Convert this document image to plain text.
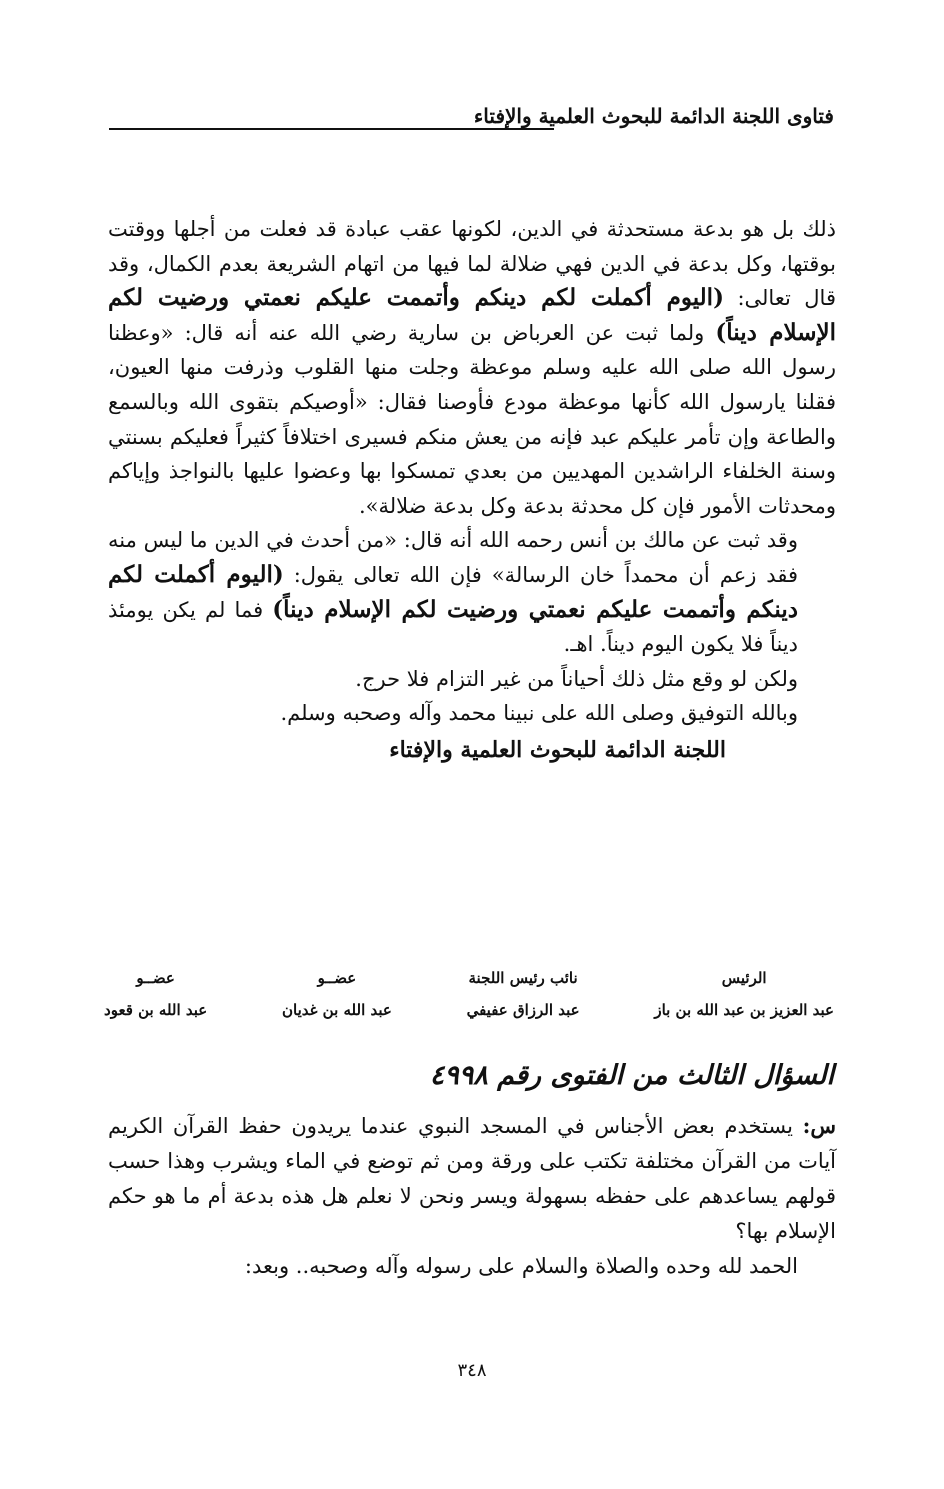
فتاوى اللجنة الدائمة للبحوث العلمية والإفتاء

ذلك بل هو بدعة مستحدثة في الدين، لكونها عقب عبادة قد فعلت من أجلها ووقتت بوقتها، وكل بدعة في الدين فهي ضلالة لما فيها من اتهام الشريعة بعدم الكمال، وقد قال تعالى: (اليوم أكملت لكم دينكم وأتممت عليكم نعمتي ورضيت لكم الإسلام ديناً) ولما ثبت عن العرباض بن سارية رضي الله عنه أنه قال: «وعظنا رسول الله صلى الله عليه وسلم موعظة وجلت منها القلوب وذرفت منها العيون، فقلنا يارسول الله كأنها موعظة مودع فأوصنا فقال: «أوصيكم بتقوى الله وبالسمع والطاعة وإن تأمر عليكم عبد فإنه من يعش منكم فسيرى اختلافاً كثيراً فعليكم بسنتي وسنة الخلفاء الراشدين المهديين من بعدي تمسكوا بها وعضوا عليها بالنواجذ وإياكم ومحدثات الأمور فإن كل محدثة بدعة وكل بدعة ضلالة».

وقد ثبت عن مالك بن أنس رحمه الله أنه قال: «من أحدث في الدين ما ليس منه فقد زعم أن محمداً خان الرسالة» فإن الله تعالى يقول: (اليوم أكملت لكم دينكم وأتممت عليكم نعمتي ورضيت لكم الإسلام ديناً) فما لم يكن يومئذ ديناً فلا يكون اليوم ديناً. اهـ.

ولكن لو وقع مثل ذلك أحياناً من غير التزام فلا حرج.

وبالله التوفيق وصلى الله على نبينا محمد وآله وصحبه وسلم.

اللجنة الدائمة للبحوث العلمية والإفتاء

الرئيس
عبد العزيز بن عبد الله بن باز
نائب رئيس اللجنة
عبد الرزاق عفيفي
عضــو
عبد الله بن غديان
عضــو
عبد الله بن قعود
السؤال الثالث من الفتوى رقم ٤٩٩٨

س: يستخدم بعض الأجناس في المسجد النبوي عندما يريدون حفظ القرآن الكريم آيات من القرآن مختلفة تكتب على ورقة ومن ثم توضع في الماء ويشرب وهذا حسب قولهم يساعدهم على حفظه بسهولة ويسر ونحن لا نعلم هل هذه بدعة أم ما هو حكم الإسلام بها؟

الحمد لله وحده والصلاة والسلام على رسوله وآله وصحبه.. وبعد:

٣٤٨
